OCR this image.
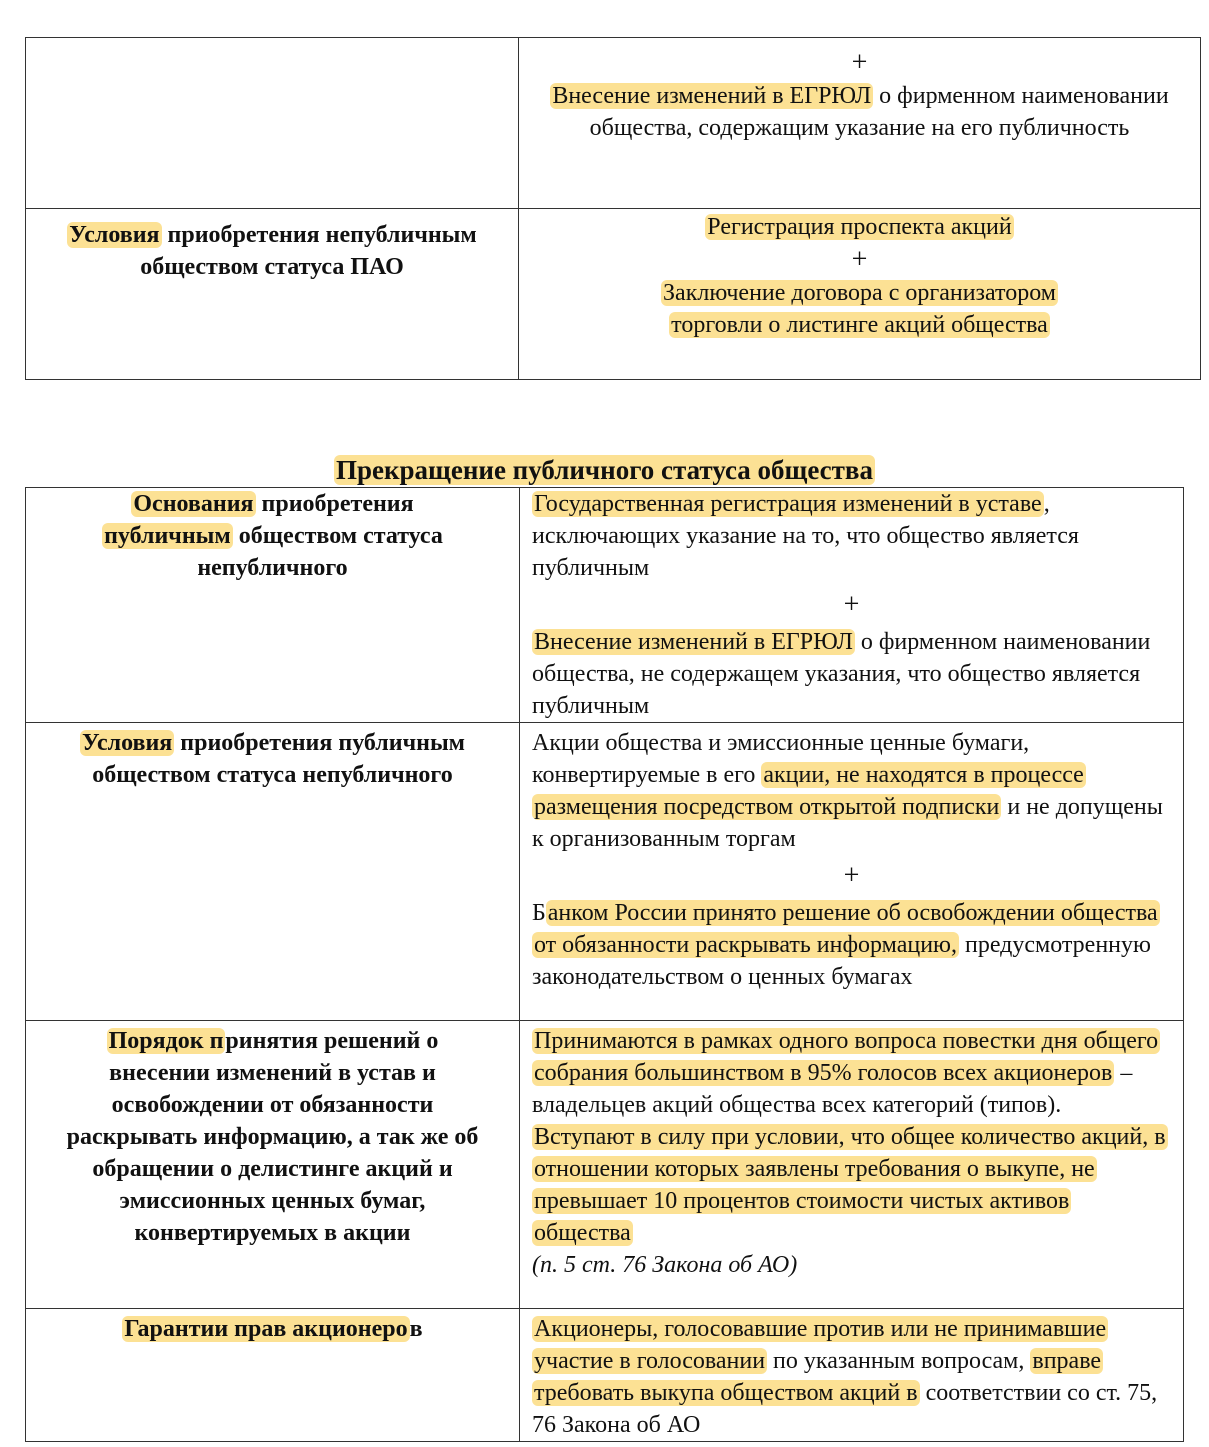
	+
Внесение изменений в ЕГРЮЛ о фирменном наименовании общества, содержащим указание на его публичность
Условия приобретения непубличным обществом статуса ПАО	Регистрация проспекта акций
+
Заключение договора с организатором торговли о листинге акций общества
Прекращение публичного статуса общества
Основания приобретения публичным обществом статуса непубличного	Государственная регистрация изменений в уставе, исключающих указание на то, что общество является публичным
+
Внесение изменений в ЕГРЮЛ о фирменном наименовании общества, не содержащем указания, что общество является публичным
Условия приобретения публичным обществом статуса непубличного	Акции общества и эмиссионные ценные бумаги, конвертируемые в его акции, не находятся в процессе размещения посредством открытой подписки и не допущены к организованным торгам
+
Банком России принято решение об освобождении общества от обязанности раскрывать информацию, предусмотренную законодательством о ценных бумагах
Порядок принятия решений о внесении изменений в устав и освобождении от обязанности раскрывать информацию, а так же об обращении о делистинге акций и эмиссионных ценных бумаг, конвертируемых в акции	Принимаются в рамках одного вопроса повестки дня общего собрания большинством в 95% голосов всех акционеров – владельцев акций общества всех категорий (типов).
Вступают в силу при условии, что общее количество акций, в отношении которых заявлены требования о выкупе, не превышает 10 процентов стоимости чистых активов общества
(п. 5 ст. 76 Закона об АО)

Гарантии прав акционеров	Акционеры, голосовавшие против или не принимавшие участие в голосовании по указанным вопросам, вправе требовать выкупа обществом акций в соответствии со ст. 75, 76 Закона об АО
